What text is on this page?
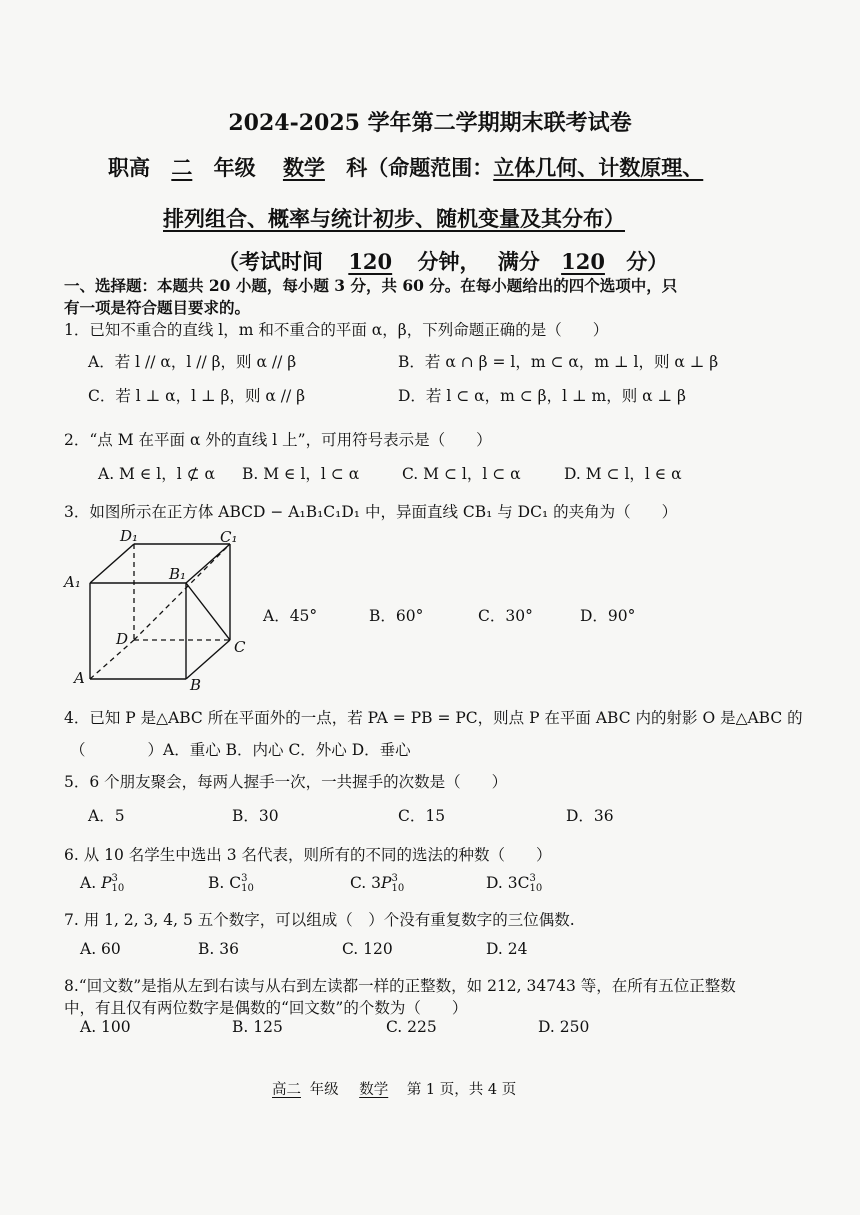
2024-2025 学年第二学期期末联考试卷
职高 二 年级 数学 科（命题范围：立体几何、计数原理、
排列组合、概率与统计初步、随机变量及其分布）
（考试时间 120 分钟， 满分 120 分）
一、选择题：本题共 20 小题，每小题 3 分，共 60 分。在每小题给出的四个选项中，只
有一项是符合题目要求的。
1．已知不重合的直线 l，m 和不重合的平面 α，β，下列命题正确的是（　　）
A．若 l // α，l // β，则 α // β	B．若 α ∩ β = l，m ⊂ α，m ⊥ l，则 α ⊥ β
C．若 l ⊥ α，l ⊥ β，则 α // β	D．若 l ⊂ α，m ⊂ β，l ⊥ m，则 α ⊥ β
2．“点 M 在平面 α 外的直线 l 上”，可用符号表示是（　　）
A. M ∈ l，l ⊄ α B. M ∈ l，l ⊂ α	C. M ⊂ l，l ⊂ α	D. M ⊂ l，l ∈ α
3．如图所示在正方体 ABCD − A₁B₁C₁D₁ 中，异面直线 CB₁ 与 DC₁ 的夹角为（　　）
D₁	C₁
A₁	B₁
D	C
A	B
A．45°	B．60°	C．30°	D．90°
4．已知 P 是△ABC 所在平面外的一点，若 PA = PB = PC，则点 P 在平面 ABC 内的射影 O 是△ABC 的
（　　　　）A．重心 B．内心 C．外心 D．垂心
5．6 个朋友聚会，每两人握手一次，一共握手的次数是（　　）
A．5	B．30	C．15	D．36
6. 从 10 名学生中选出 3 名代表，则所有的不同的选法的种数（　　）
A. P 3
10	B. C 3
10	C. 3P 3
10	D. 3C 3
10
7. 用 1, 2, 3, 4, 5 五个数字，可以组成（　）个没有重复数字的三位偶数.
A. 60	B. 36	C. 120	D. 24
8.“回文数”是指从左到右读与从右到左读都一样的正整数，如 212, 34743 等，在所有五位正整数
中，有且仅有两位数字是偶数的“回文数”的个数为（　　）
A. 100	B. 125	C. 225	D. 250
高二 年级 数学 第 1 页，共 4 页
